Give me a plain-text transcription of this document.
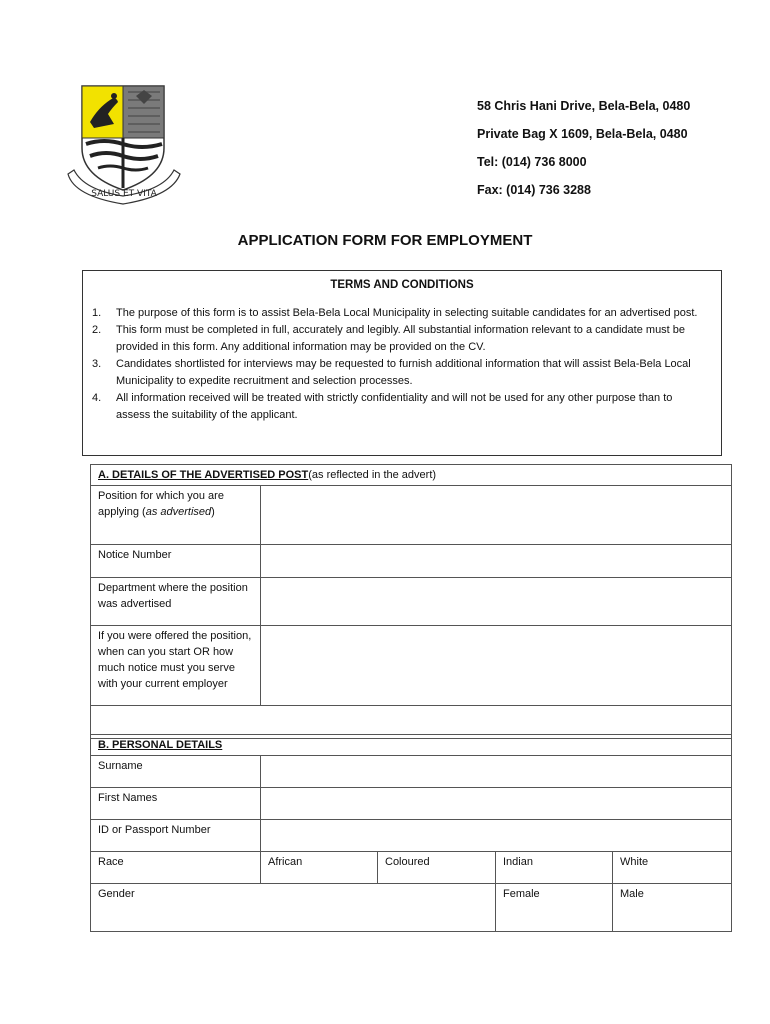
SALUS ET VITA
58 Chris Hani Drive, Bela-Bela, 0480
Private Bag X 1609, Bela-Bela, 0480
Tel: (014) 736 8000
Fax: (014) 736 3288
APPLICATION FORM FOR EMPLOYMENT
TERMS AND CONDITIONS
1. The purpose of this form is to assist Bela-Bela Local Municipality in selecting suitable candidates for an advertised post.
2. This form must be completed in full, accurately and legibly. All substantial information relevant to a candidate must be provided in this form. Any additional information may be provided on the CV.
3. Candidates shortlisted for interviews may be requested to furnish additional information that will assist Bela-Bela Local Municipality to expedite recruitment and selection processes.
4. All information received will be treated with strictly confidentiality and will not be used for any other purpose than to assess the suitability of the applicant.
A. DETAILS OF THE ADVERTISED POST(as reflected in the advert)	
Position for which you are applying (as advertised)	
Notice Number	
Department where the position was advertised	
If you were offered the position, when can you start OR how much notice must you serve with your current employer	

B. PERSONAL DETAILS				
Surname				
First Names				
ID or Passport Number				
Race	African	Coloured	Indian	White
Gender			Female	Male
